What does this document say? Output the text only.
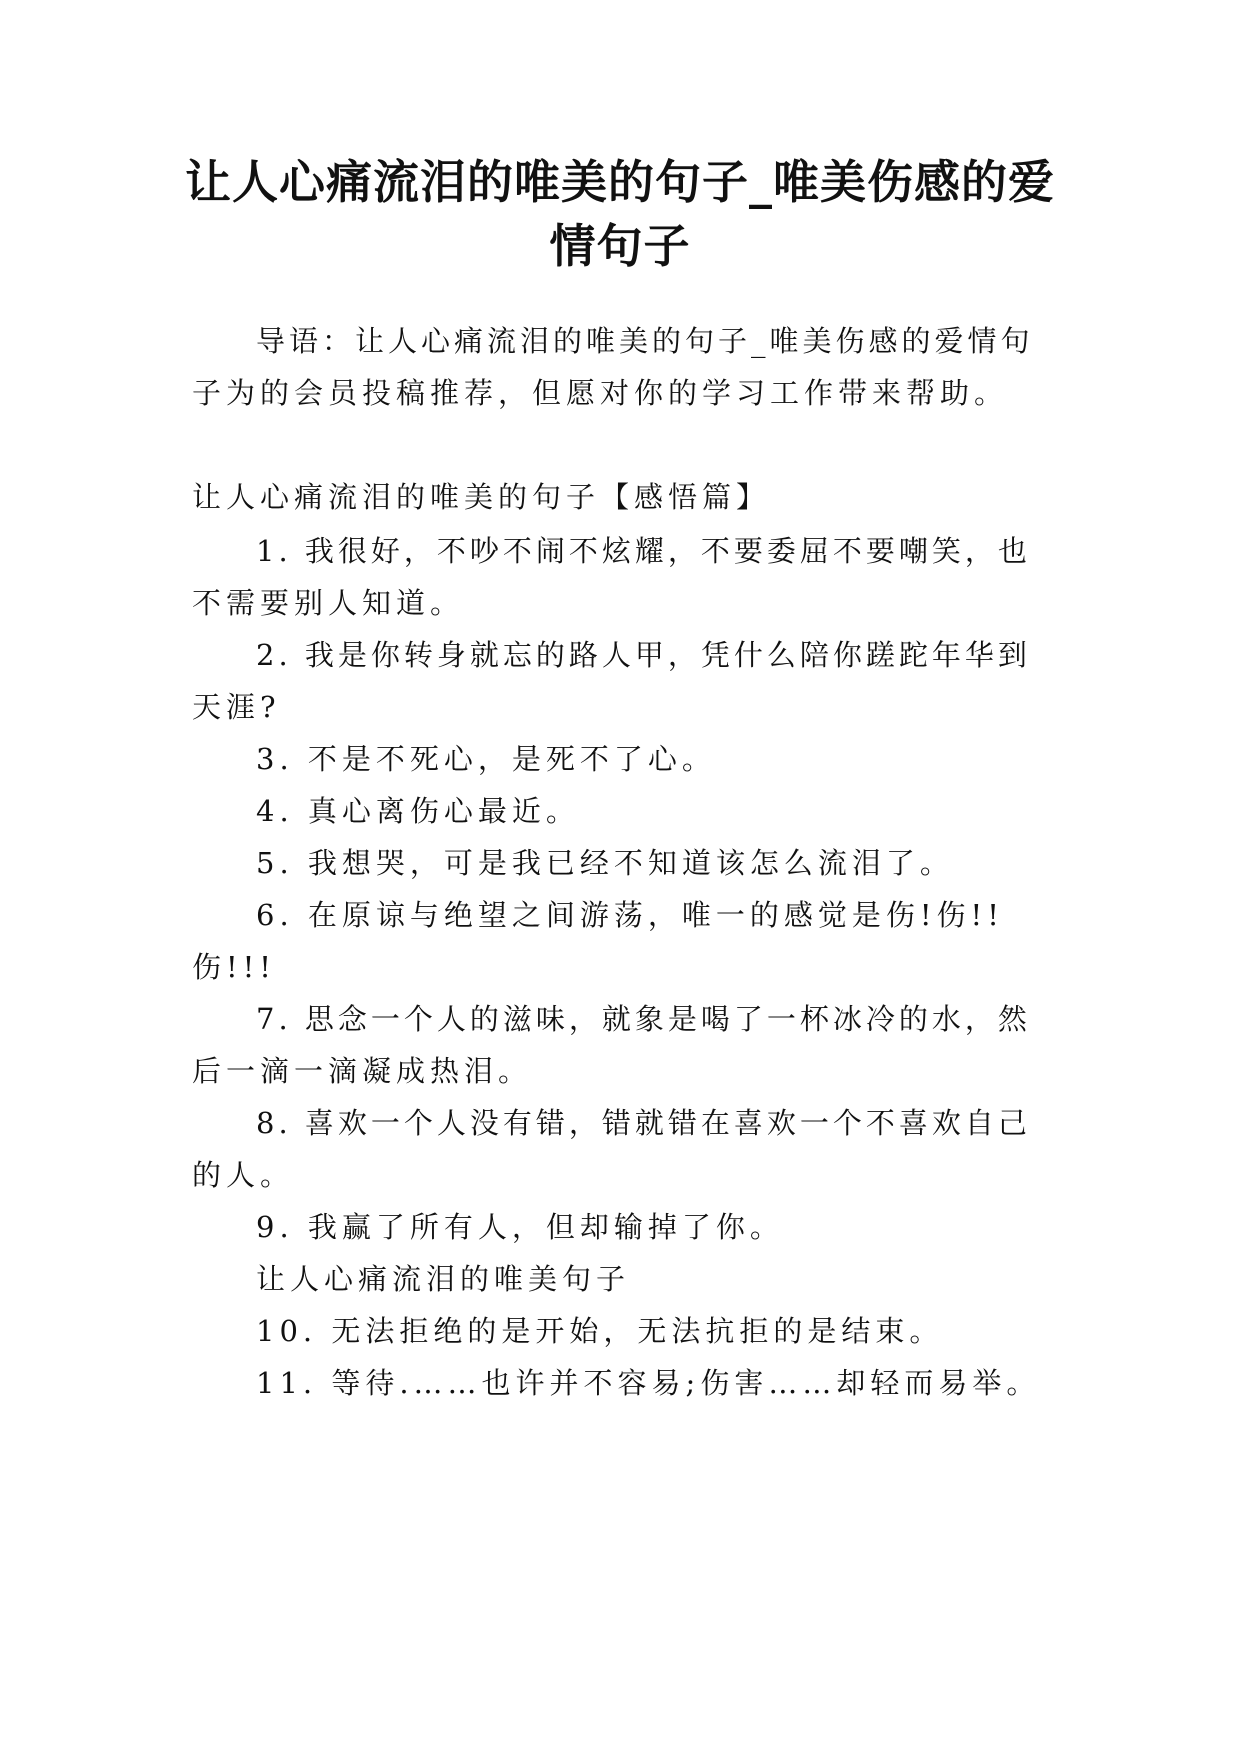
让人心痛流泪的唯美的句子_唯美伤感的爱
情句子
导语：让人心痛流泪的唯美的句子_唯美伤感的爱情句
子为的会员投稿推荐，但愿对你的学习工作带来帮助。
让人心痛流泪的唯美的句子【感悟篇】
1. 我很好，不吵不闹不炫耀，不要委屈不要嘲笑，也
不需要别人知道。
2. 我是你转身就忘的路人甲，凭什么陪你蹉跎年华到
天涯?
3. 不是不死心，是死不了心。
4. 真心离伤心最近。
5. 我想哭，可是我已经不知道该怎么流泪了。
6. 在原谅与绝望之间游荡，唯一的感觉是伤!伤!!
伤!!!
7. 思念一个人的滋味，就象是喝了一杯冰冷的水，然
后一滴一滴凝成热泪。
8. 喜欢一个人没有错，错就错在喜欢一个不喜欢自己
的人。
9. 我赢了所有人，但却输掉了你。
让人心痛流泪的唯美句子
10. 无法拒绝的是开始，无法抗拒的是结束。
11. 等待.……也许并不容易;伤害……却轻而易举。
